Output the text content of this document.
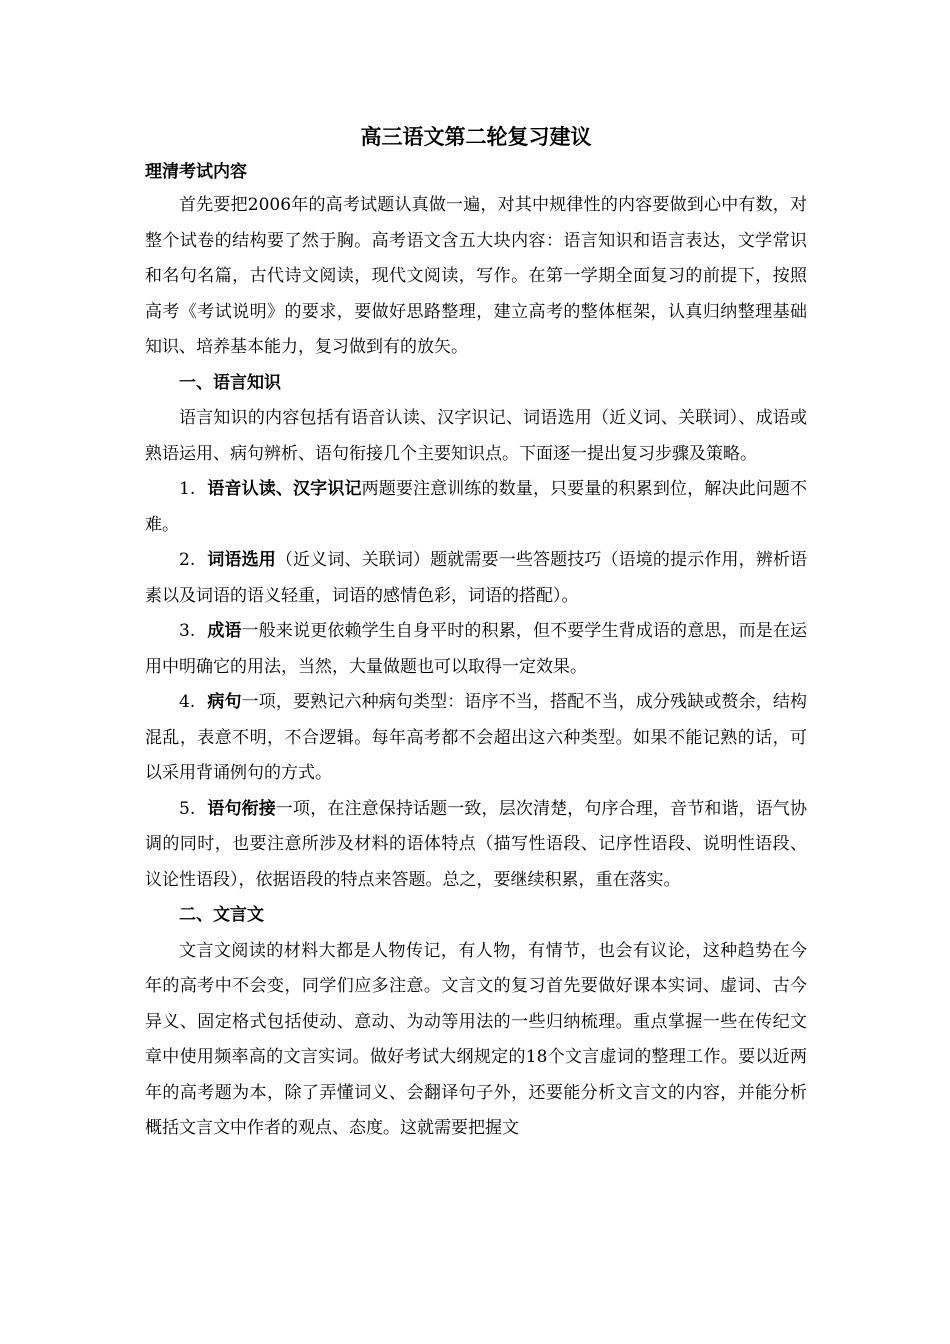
高三语文第二轮复习建议
理清考试内容

首先要把2006年的高考试题认真做一遍，对其中规律性的内容要做到心中有数，对整个试卷的结构要了然于胸。高考语文含五大块内容：语言知识和语言表达，文学常识和名句名篇，古代诗文阅读，现代文阅读，写作。在第一学期全面复习的前提下，按照高考《考试说明》的要求，要做好思路整理，建立高考的整体框架，认真归纳整理基础知识、培养基本能力，复习做到有的放矢。

一、语言知识

语言知识的内容包括有语音认读、汉字识记、词语选用（近义词、关联词）、成语或熟语运用、病句辨析、语句衔接几个主要知识点。下面逐一提出复习步骤及策略。

1. 语音认读、汉字识记两题要注意训练的数量，只要量的积累到位，解决此问题不难。

2. 词语选用（近义词、关联词）题就需要一些答题技巧（语境的提示作用，辨析语素以及词语的语义轻重，词语的感情色彩，词语的搭配）。

3. 成语一般来说更依赖学生自身平时的积累，但不要学生背成语的意思，而是在运用中明确它的用法，当然，大量做题也可以取得一定效果。

4. 病句一项，要熟记六种病句类型：语序不当，搭配不当，成分残缺或赘余，结构混乱，表意不明，不合逻辑。每年高考都不会超出这六种类型。如果不能记熟的话，可以采用背诵例句的方式。

5. 语句衔接一项，在注意保持话题一致，层次清楚，句序合理，音节和谐，语气协调的同时，也要注意所涉及材料的语体特点（描写性语段、记序性语段、说明性语段、议论性语段），依据语段的特点来答题。总之，要继续积累，重在落实。

二、文言文

文言文阅读的材料大都是人物传记，有人物，有情节，也会有议论，这种趋势在今年的高考中不会变，同学们应多注意。文言文的复习首先要做好课本实词、虚词、古今异义、固定格式包括使动、意动、为动等用法的一些归纳梳理。重点掌握一些在传纪文章中使用频率高的文言实词。做好考试大纲规定的18个文言虚词的整理工作。要以近两年的高考题为本，除了弄懂词义、会翻译句子外，还要能分析文言文的内容，并能分析概括文言文中作者的观点、态度。这就需要把握文
